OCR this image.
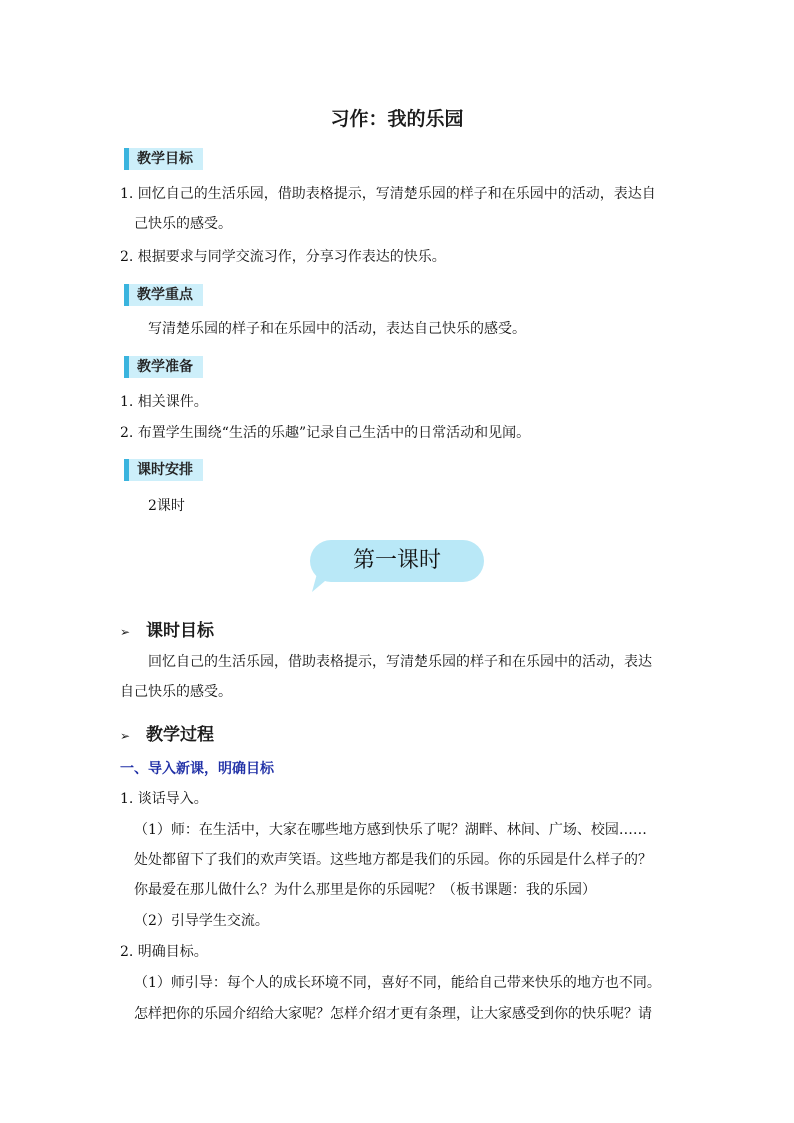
习作：我的乐园
教学目标
1. 回忆自己的生活乐园，借助表格提示，写清楚乐园的样子和在乐园中的活动，表达自
己快乐的感受。
2. 根据要求与同学交流习作，分享习作表达的快乐。
教学重点
写清楚乐园的样子和在乐园中的活动，表达自己快乐的感受。
教学准备
1. 相关课件。
2. 布置学生围绕“生活的乐趣”记录自己生活中的日常活动和见闻。
课时安排
2课时
第一课时
➢ 课时目标
回忆自己的生活乐园，借助表格提示，写清楚乐园的样子和在乐园中的活动，表达
自己快乐的感受。
➢ 教学过程
一、导入新课，明确目标
1. 谈话导入。
（1）师：在生活中，大家在哪些地方感到快乐了呢？湖畔、林间、广场、校园……
处处都留下了我们的欢声笑语。这些地方都是我们的乐园。你的乐园是什么样子的？
你最爱在那儿做什么？为什么那里是你的乐园呢？（板书课题：我的乐园）
（2）引导学生交流。
2. 明确目标。
（1）师引导：每个人的成长环境不同，喜好不同，能给自己带来快乐的地方也不同。
怎样把你的乐园介绍给大家呢？怎样介绍才更有条理，让大家感受到你的快乐呢？请
